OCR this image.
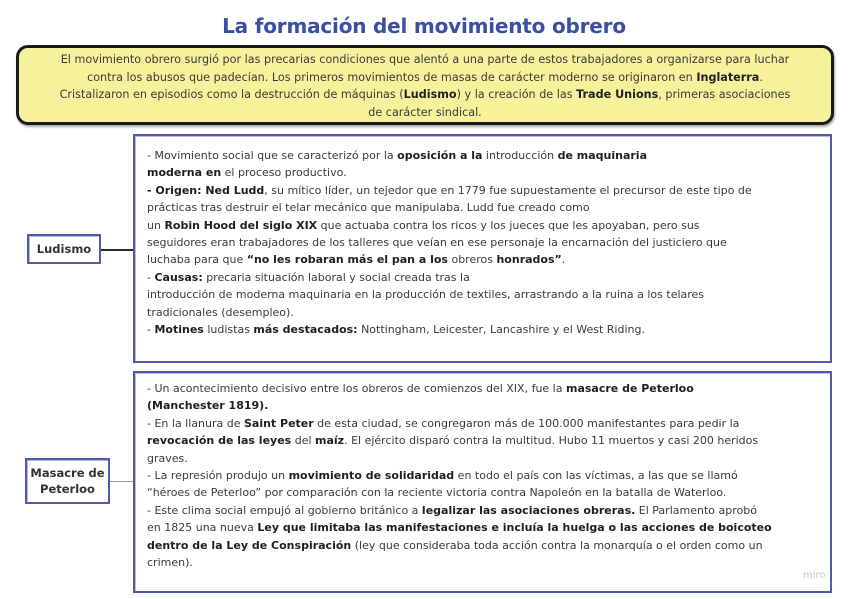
La formación del movimiento obrero
El movimiento obrero surgió por las precarias condiciones que alentó a una parte de estos trabajadores a organizarse para luchar
contra los abusos que padecían. Los primeros movimientos de masas de carácter moderno se originaron en Inglaterra.
Cristalizaron en episodios como la destrucción de máquinas (Ludismo) y la creación de las Trade Unions, primeras asociaciones
de carácter sindical.
Ludismo
- Movimiento social que se caracterizó por la oposición a la introducción de maquinaria
moderna en el proceso productivo.
- Origen: Ned Ludd, su mítico líder, un tejedor que en 1779 fue supuestamente el precursor de este tipo de
prácticas tras destruir el telar mecánico que manipulaba. Ludd fue creado como
un Robin Hood del siglo XIX que actuaba contra los ricos y los jueces que les apoyaban, pero sus
seguidores eran trabajadores de los talleres que veían en ese personaje la encarnación del justiciero que
luchaba para que “no les robaran más el pan a los obreros honrados”.
- Causas: precaria situación laboral y social creada tras la
introducción de moderna maquinaria en la producción de textiles, arrastrando a la ruina a los telares
tradicionales (desempleo).
- Motines ludistas más destacados: Nottingham, Leicester, Lancashire y el West Riding.
Masacre de
Peterloo
- Un acontecimiento decisivo entre los obreros de comienzos del XIX, fue la masacre de Peterloo
(Manchester 1819).
- En la llanura de Saint Peter de esta ciudad, se congregaron más de 100.000 manifestantes para pedir la
revocación de las leyes del maíz. El ejército disparó contra la multitud. Hubo 11 muertos y casi 200 heridos
graves.
- La represión produjo un movimiento de solidaridad en todo el país con las víctimas, a las que se llamó
“héroes de Peterloo” por comparación con la reciente victoria contra Napoleón en la batalla de Waterloo.
- Este clima social empujó al gobierno británico a legalizar las asociaciones obreras. El Parlamento aprobó
en 1825 una nueva Ley que limitaba las manifestaciones e incluía la huelga o las acciones de boicoteo
dentro de la Ley de Conspiración (ley que consideraba toda acción contra la monarquía o el orden como un
crimen).
miro
